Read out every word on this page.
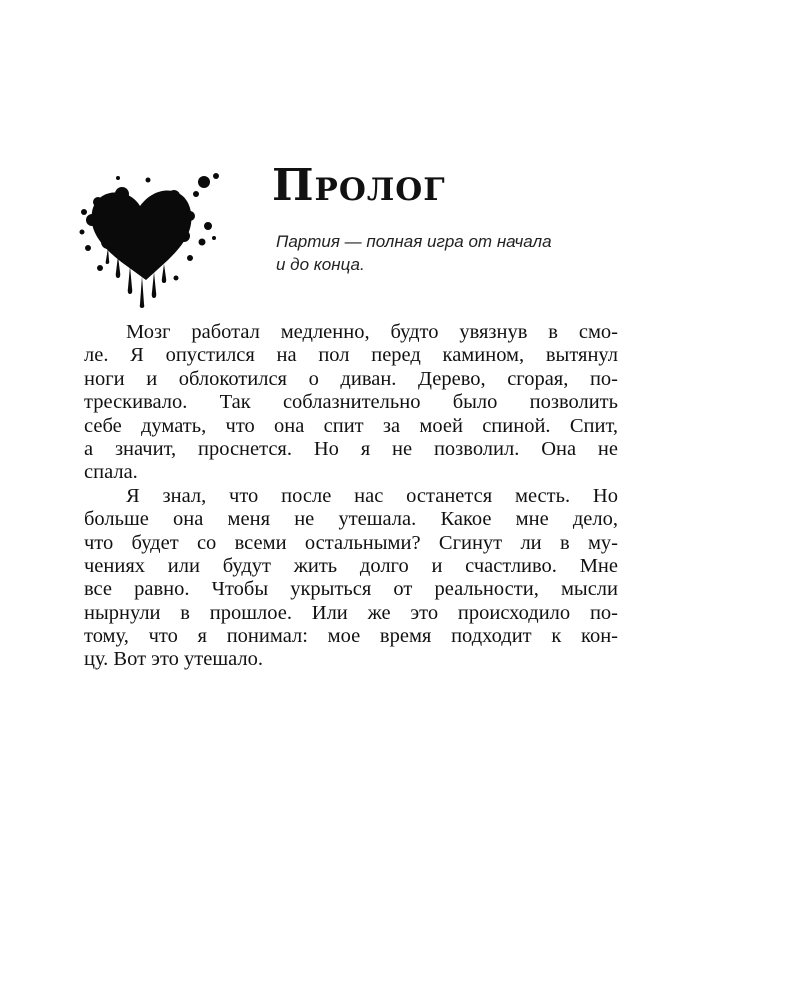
Пролог

Партия — полная игра от начала
и до конца.

Мозг работал медленно, будто увязнув в смо-
ле. Я опустился на пол перед камином, вытянул
ноги и облокотился о диван. Дерево, сгорая, по-
трескивало. Так соблазнительно было позволить
себе думать, что она спит за моей спиной. Спит,
а значит, проснется. Но я не позволил. Она не
спала.
Я знал, что после нас останется месть. Но
больше она меня не утешала. Какое мне дело,
что будет со всеми остальными? Сгинут ли в му-
чениях или будут жить долго и счастливо. Мне
все равно. Чтобы укрыться от реальности, мысли
нырнули в прошлое. Или же это происходило по-
тому, что я понимал: мое время подходит к кон-
цу. Вот это утешало.
